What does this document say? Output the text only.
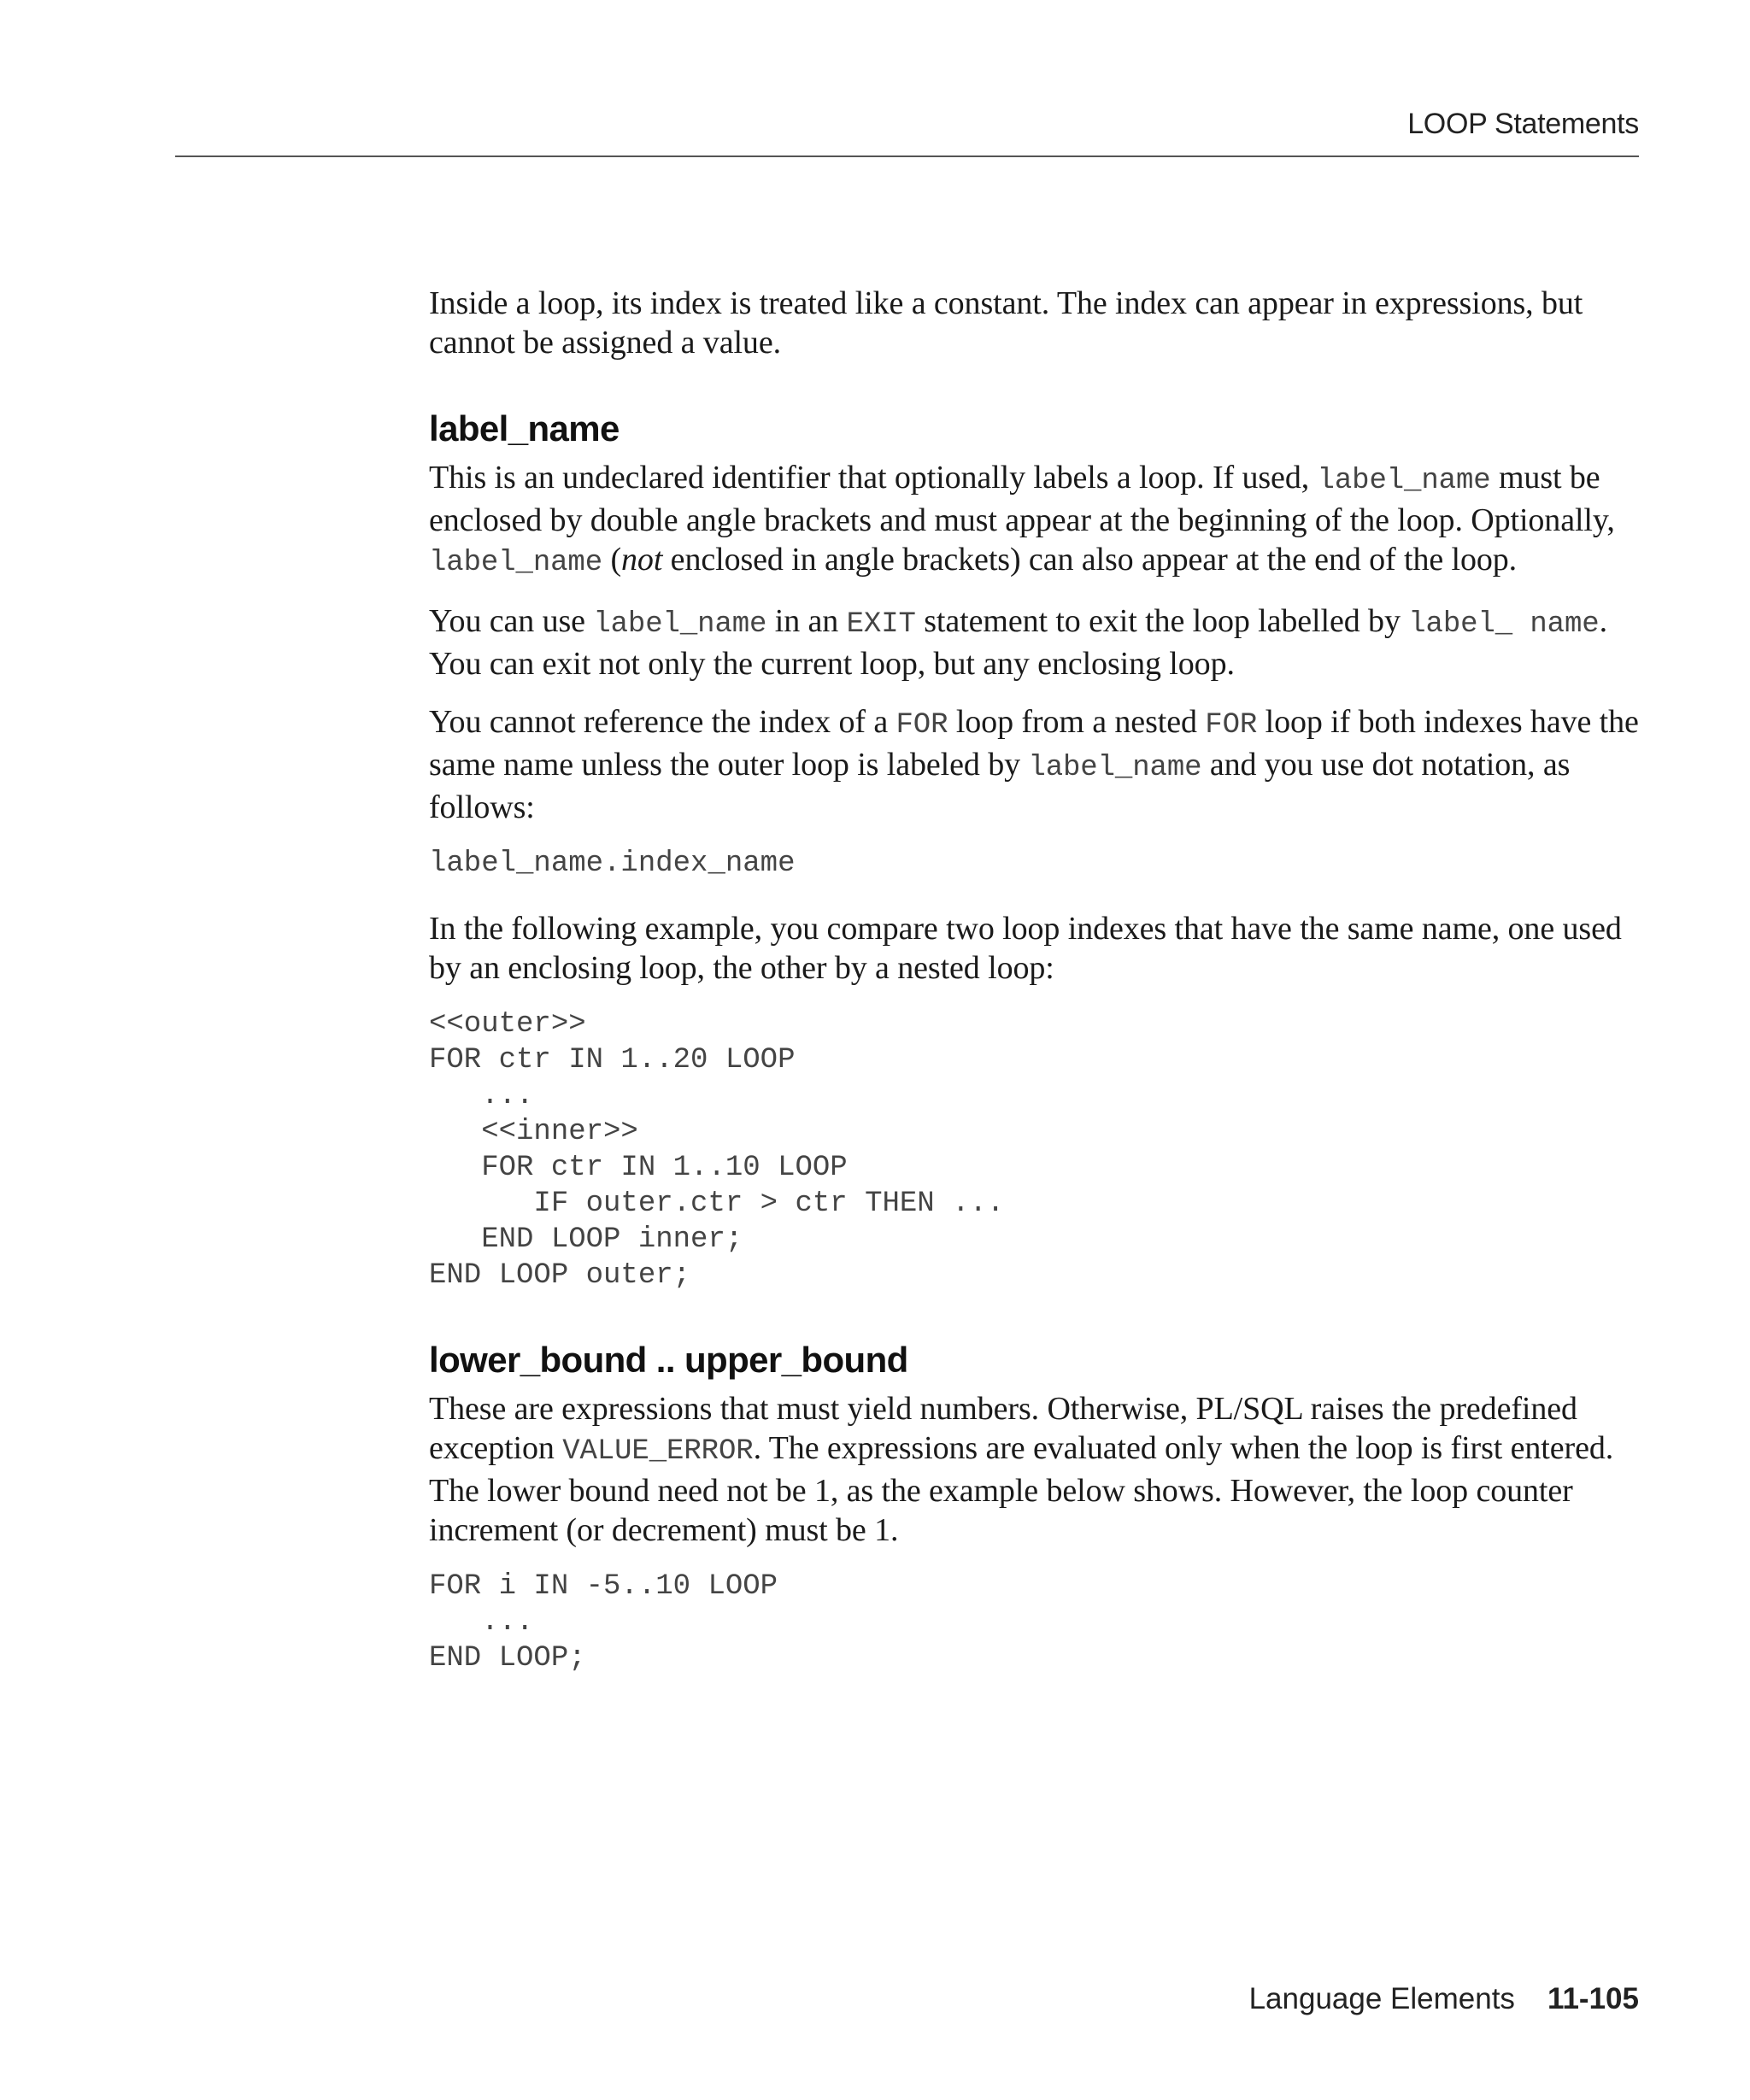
LOOP Statements

Inside a loop, its index is treated like a constant. The index can appear in expressions, but cannot be assigned a value.

label_name

This is an undeclared identifier that optionally labels a loop. If used, label_name must be enclosed by double angle brackets and must appear at the beginning of the loop. Optionally, label_name (not enclosed in angle brackets) can also appear at the end of the loop.

You can use label_name in an EXIT statement to exit the loop labelled by label_ name. You can exit not only the current loop, but any enclosing loop.

You cannot reference the index of a FOR loop from a nested FOR loop if both indexes have the same name unless the outer loop is labeled by label_name and you use dot notation, as follows:

label_name.index_name

In the following example, you compare two loop indexes that have the same name, one used by an enclosing loop, the other by a nested loop:

<<outer>>
FOR ctr IN 1..20 LOOP
...
<<inner>>
FOR ctr IN 1..10 LOOP
IF outer.ctr > ctr THEN ...
END LOOP inner;
END LOOP outer;
lower_bound .. upper_bound

These are expressions that must yield numbers. Otherwise, PL/SQL raises the predefined exception VALUE_ERROR. The expressions are evaluated only when the loop is first entered. The lower bound need not be 1, as the example below shows. However, the loop counter increment (or decrement) must be 1.

FOR i IN -5..10 LOOP
...
END LOOP;
Language Elements 11-105
